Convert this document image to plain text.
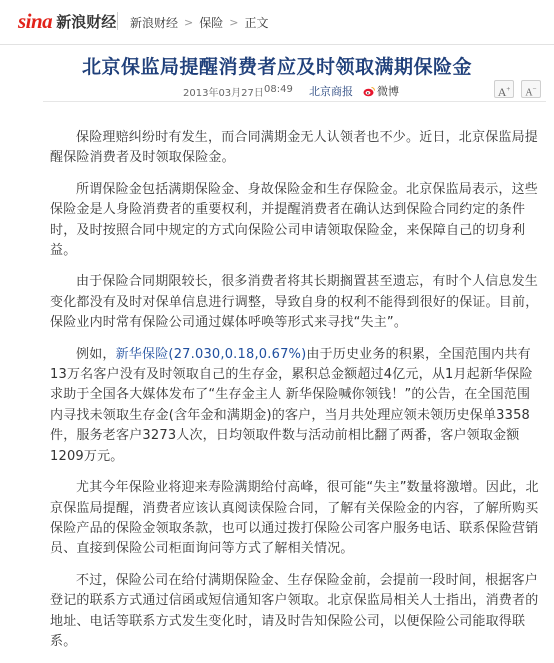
sina 新浪财经 新浪财经 > 保险 > 正文
北京保监局提醒消费者应及时领取满期保险金
2013年03月27日 08:49 北京商报 微博	A+	A−

保险理赔纠纷时有发生，而合同满期金无人认领者也不少。近日，北京保监局提醒保险消费者及时领取保险金。

所谓保险金包括满期保险金、身故保险金和生存保险金。北京保监局表示，这些保险金是人身险消费者的重要权利，并提醒消费者在确认达到保险合同约定的条件时，及时按照合同中规定的方式向保险公司申请领取保险金，来保障自己的切身利益。

由于保险合同期限较长，很多消费者将其长期搁置甚至遗忘，有时个人信息发生变化都没有及时对保单信息进行调整，导致自身的权利不能得到很好的保证。目前，保险业内时常有保险公司通过媒体呼唤等形式来寻找“失主”。

例如，新华保险(27.030,0.18,0.67%)由于历史业务的积累，全国范围内共有13万名客户没有及时领取自己的生存金，累积总金额超过4亿元，从1月起新华保险求助于全国各大媒体发布了“生存金主人 新华保险喊你领钱！”的公告，在全国范围内寻找未领取生存金(含年金和满期金)的客户，当月共处理应领未领历史保单3358件，服务老客户3273人次，日均领取件数与活动前相比翻了两番，客户领取金额1209万元。

尤其今年保险业将迎来寿险满期给付高峰，很可能“失主”数量将激增。因此，北京保监局提醒，消费者应该认真阅读保险合同，了解有关保险金的内容，了解所购买保险产品的保险金领取条款，也可以通过拨打保险公司客户服务电话、联系保险营销员、直接到保险公司柜面询问等方式了解相关情况。

不过，保险公司在给付满期保险金、生存保险金前，会提前一段时间，根据客户登记的联系方式通过信函或短信通知客户领取。北京保监局相关人士指出，消费者的地址、电话等联系方式发生变化时，请及时告知保险公司，以便保险公司能取得联系。
